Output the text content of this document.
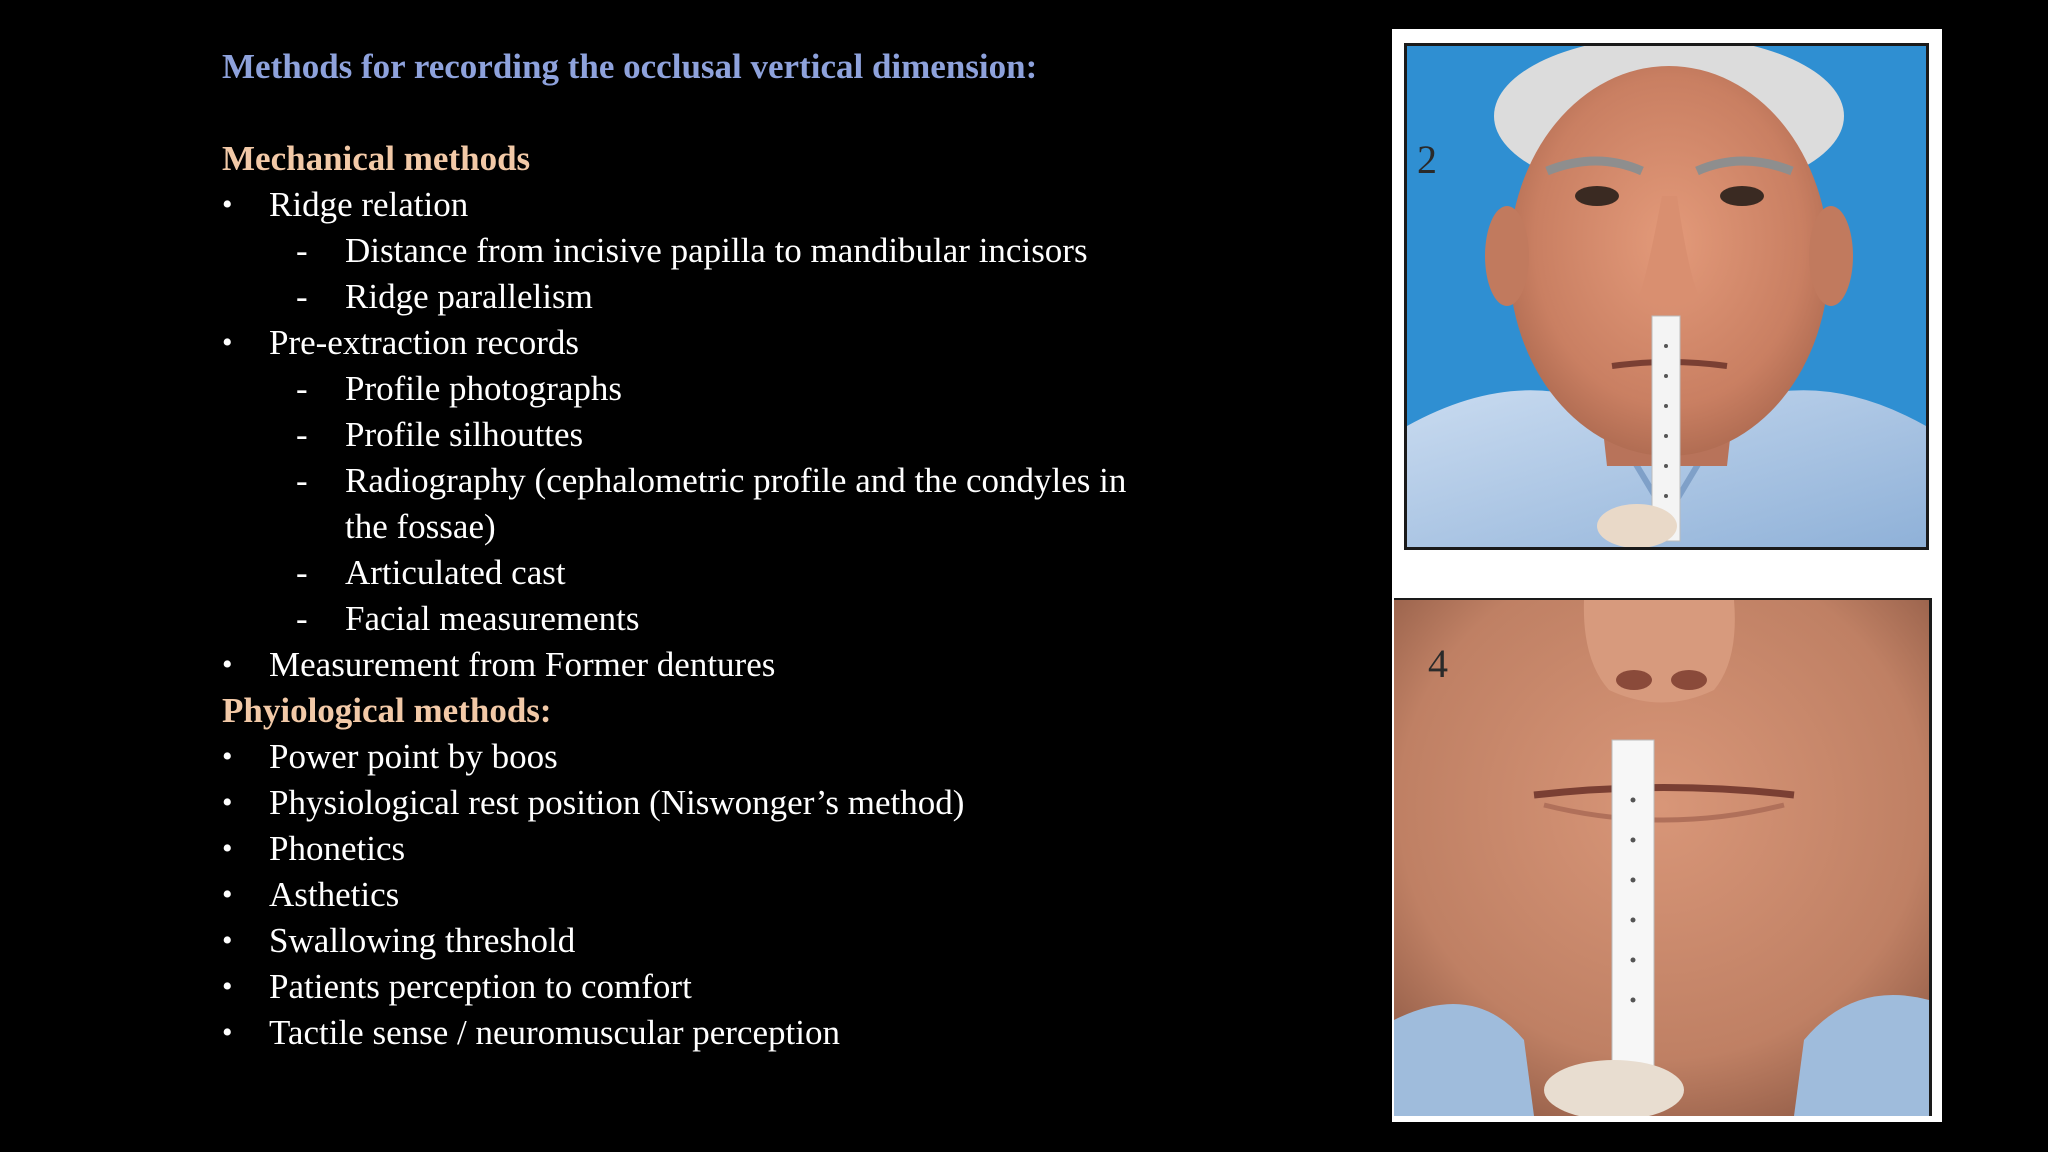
Methods for recording the occlusal vertical dimension:
Mechanical methods
• Ridge relation
- Distance from incisive papilla to mandibular incisors
- Ridge parallelism
• Pre-extraction records
- Profile photographs
- Profile silhouttes
- Radiography (cephalometric profile and the condyles in
the fossae)
- Articulated cast
- Facial measurements
• Measurement from Former dentures
Phyiological methods:
• Power point by boos
• Physiological rest position (Niswonger’s method)
• Phonetics
• Asthetics
• Swallowing threshold
• Patients perception to comfort
• Tactile sense / neuromuscular perception
2
4
